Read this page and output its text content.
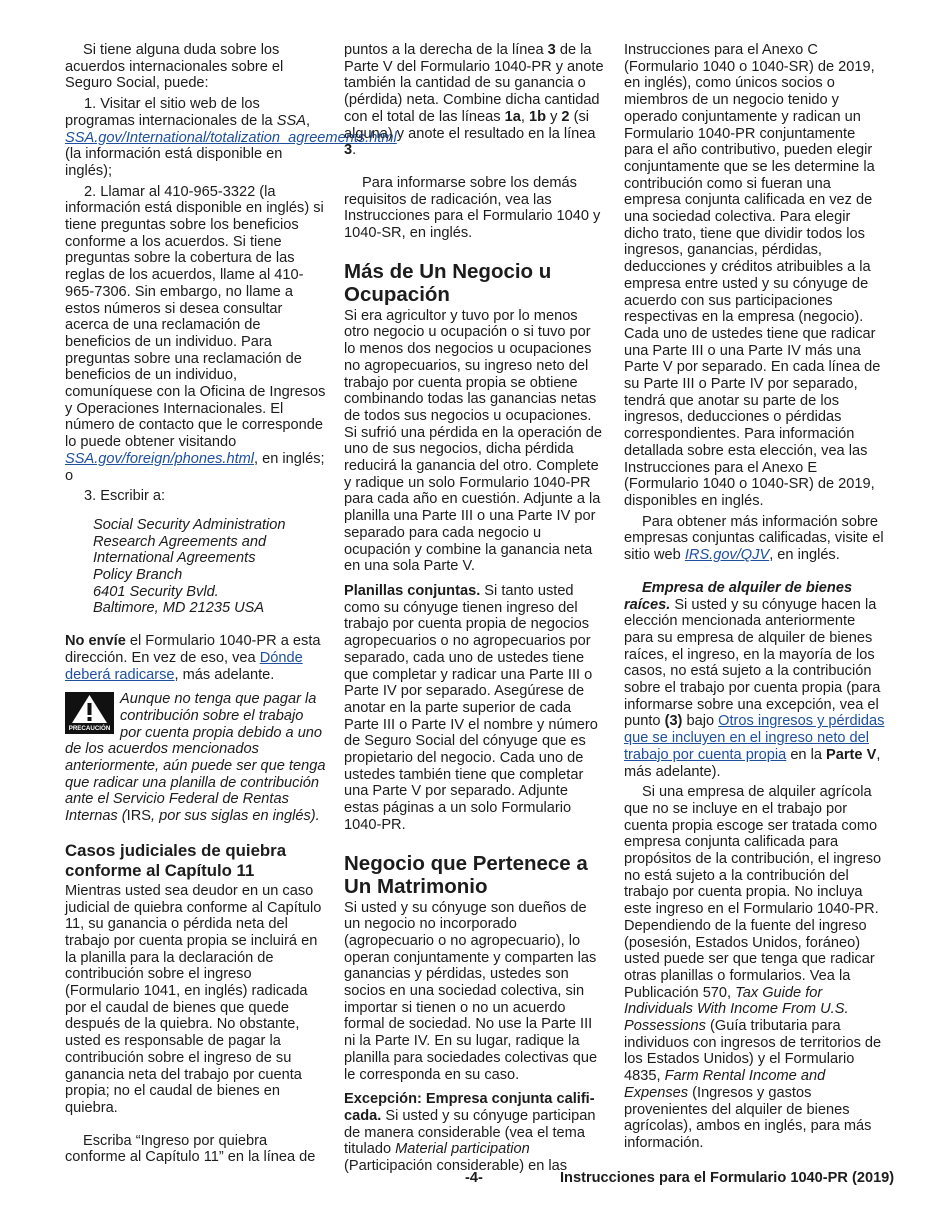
Si tiene alguna duda sobre los acuerdos internacionales sobre el Seguro Social, puede:

1. Visitar el sitio web de los programas internacionales de la SSA, SSA.gov/International/totalization_agreements.html (la información está disponible en inglés);

2. Llamar al 410-965-3322 (la información está disponible en inglés) si tiene preguntas sobre los beneficios conforme a los acuerdos. Si tiene preguntas sobre la cobertura de las reglas de los acuerdos, llame al 410-965-7306. Sin embargo, no llame a estos números si desea consultar acerca de una reclamación de beneficios de un individuo. Para preguntas sobre una reclamación de beneficios de un individuo, comuníquese con la Oficina de Ingresos y Operaciones Internacionales. El número de contacto que le corresponde lo puede obtener visitando SSA.gov/foreign/phones.html, en inglés; o

3. Escribir a:

Social Security Administration
Research Agreements and
International Agreements
Policy Branch
6401 Security Bvld.
Baltimore, MD 21235 USA

No envíe el Formulario 1040-PR a esta dirección. En vez de eso, vea Dónde deberá radicarse, más adelante.

PRECAUCIÓN
Aunque no tenga que pagar la contribución sobre el trabajo por cuenta propia debido a uno de los acuerdos mencionados anteriormente, aún puede ser que tenga que radicar una planilla de contribución ante el Servicio Federal de Rentas Internas (IRS, por sus siglas en inglés).
Casos judiciales de quiebra conforme al Capítulo 11

Mientras usted sea deudor en un caso judicial de quiebra conforme al Capítulo 11, su ganancia o pérdida neta del trabajo por cuenta propia se incluirá en la planilla para la declaración de contribución sobre el ingreso (Formulario 1041, en inglés) radicada por el caudal de bienes que quede después de la quiebra. No obstante, usted es responsable de pagar la contribución sobre el ingreso de su ganancia neta del trabajo por cuenta propia; no el caudal de bienes en quiebra.

Escriba “Ingreso por quiebra conforme al Capítulo 11” en la línea de

puntos a la derecha de la línea 3 de la Parte V del Formulario 1040-PR y anote también la cantidad de su ganancia o (pérdida) neta. Combine dicha cantidad con el total de las líneas 1a, 1b y 2 (si alguna) y anote el resultado en la línea 3.

Para informarse sobre los demás requisitos de radicación, vea las Instrucciones para el Formulario 1040 y 1040-SR, en inglés.

Más de Un Negocio u Ocupación

Si era agricultor y tuvo por lo menos otro negocio u ocupación o si tuvo por lo menos dos negocios u ocupaciones no agropecuarios, su ingreso neto del trabajo por cuenta propia se obtiene combinando todas las ganancias netas de todos sus negocios u ocupaciones. Si sufrió una pérdida en la operación de uno de sus negocios, dicha pérdida reducirá la ganancia del otro. Complete y radique un solo Formulario 1040-PR para cada año en cuestión. Adjunte a la planilla una Parte III o una Parte IV por separado para cada negocio u ocupación y combine la ganancia neta en una sola Parte V.

Planillas conjuntas. Si tanto usted como su cónyuge tienen ingreso del trabajo por cuenta propia de negocios agropecuarios o no agropecuarios por separado, cada uno de ustedes tiene que completar y radicar una Parte III o Parte IV por separado. Asegúrese de anotar en la parte superior de cada Parte III o Parte IV el nombre y número de Seguro Social del cónyuge que es propietario del negocio. Cada uno de ustedes también tiene que completar una Parte V por separado. Adjunte estas páginas a un solo Formulario 1040-PR.

Negocio que Pertenece a Un Matrimonio

Si usted y su cónyuge son dueños de un negocio no incorporado (agropecuario o no agropecuario), lo operan conjuntamente y comparten las ganancias y pérdidas, ustedes son socios en una sociedad colectiva, sin importar si tienen o no un acuerdo formal de sociedad. No use la Parte III ni la Parte IV. En su lugar, radique la planilla para sociedades colectivas que le corresponda en su caso.

Excepción: Empresa conjunta califi-cada. Si usted y su cónyuge participan de manera considerable (vea el tema titulado Material participation (Participación considerable) en las

Instrucciones para el Anexo C (Formulario 1040 o 1040-SR) de 2019, en inglés), como únicos socios o miembros de un negocio tenido y operado conjuntamente y radican un Formulario 1040-PR conjuntamente para el año contributivo, pueden elegir conjuntamente que se les determine la contribución como si fueran una empresa conjunta calificada en vez de una sociedad colectiva. Para elegir dicho trato, tiene que dividir todos los ingresos, ganancias, pérdidas, deducciones y créditos atribuibles a la empresa entre usted y su cónyuge de acuerdo con sus participaciones respectivas en la empresa (negocio). Cada uno de ustedes tiene que radicar una Parte III o una Parte IV más una Parte V por separado. En cada línea de su Parte III o Parte IV por separado, tendrá que anotar su parte de los ingresos, deducciones o pérdidas correspondientes. Para información detallada sobre esta elección, vea las Instrucciones para el Anexo E (Formulario 1040 o 1040-SR) de 2019, disponibles en inglés.

Para obtener más información sobre empresas conjuntas calificadas, visite el sitio web IRS.gov/QJV, en inglés.

Empresa de alquiler de bienes raíces. Si usted y su cónyuge hacen la elección mencionada anteriormente para su empresa de alquiler de bienes raíces, el ingreso, en la mayoría de los casos, no está sujeto a la contribución sobre el trabajo por cuenta propia (para informarse sobre una excepción, vea el punto (3) bajo Otros ingresos y pérdidas que se incluyen en el ingreso neto del trabajo por cuenta propia en la Parte V, más adelante).

Si una empresa de alquiler agrícola que no se incluye en el trabajo por cuenta propia escoge ser tratada como empresa conjunta calificada para propósitos de la contribución, el ingreso no está sujeto a la contribución del trabajo por cuenta propia. No incluya este ingreso en el Formulario 1040-PR. Dependiendo de la fuente del ingreso (posesión, Estados Unidos, foráneo) usted puede ser que tenga que radicar otras planillas o formularios. Vea la Publicación 570, Tax Guide for Individuals With Income From U.S. Possessions (Guía tributaria para individuos con ingresos de territorios de los Estados Unidos) y el Formulario 4835, Farm Rental Income and Expenses (Ingresos y gastos provenientes del alquiler de bienes agrícolas), ambos en inglés, para más información.

-4-	Instrucciones para el Formulario 1040-PR (2019)
